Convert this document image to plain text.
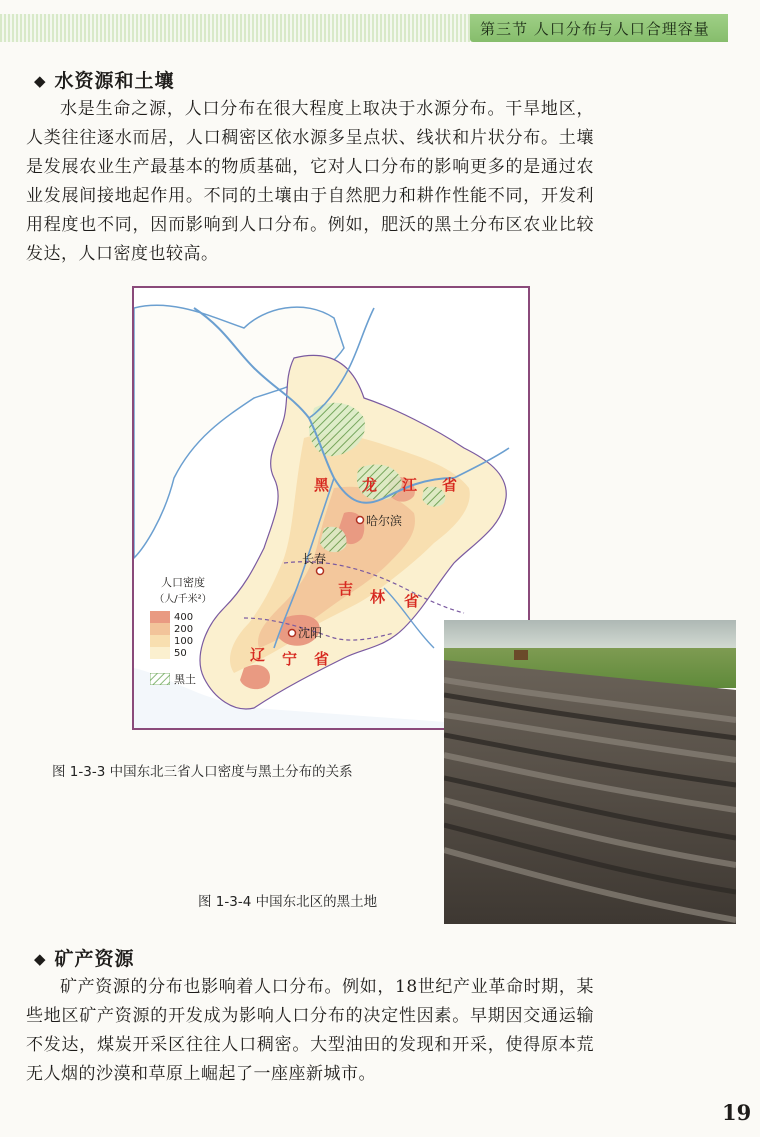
第三节 人口分布与人口合理容量
◆ 水资源和土壤
水是生命之源，人口分布在很大程度上取决于水源分布。干旱地区，人类往往逐水而居，人口稠密区依水源多呈点状、线状和片状分布。土壤是发展农业生产最基本的物质基础，它对人口分布的影响更多的是通过农业发展间接地起作用。不同的土壤由于自然肥力和耕作性能不同，开发利用程度也不同，因而影响到人口分布。例如，肥沃的黑土分布区农业比较发达，人口密度也较高。
黑 龙 江 省
吉 林 省
辽 宁 省
哈尔滨
长春
沈阳
人口密度
（人/千米²）
400
200
100
50
黑土
图 1-3-3 中国东北三省人口密度与黑土分布的关系
图 1-3-4 中国东北区的黑土地
◆ 矿产资源
矿产资源的分布也影响着人口分布。例如，18世纪产业革命时期，某些地区矿产资源的开发成为影响人口分布的决定性因素。早期因交通运输不发达，煤炭开采区往往人口稠密。大型油田的发现和开采，使得原本荒无人烟的沙漠和草原上崛起了一座座新城市。
19
